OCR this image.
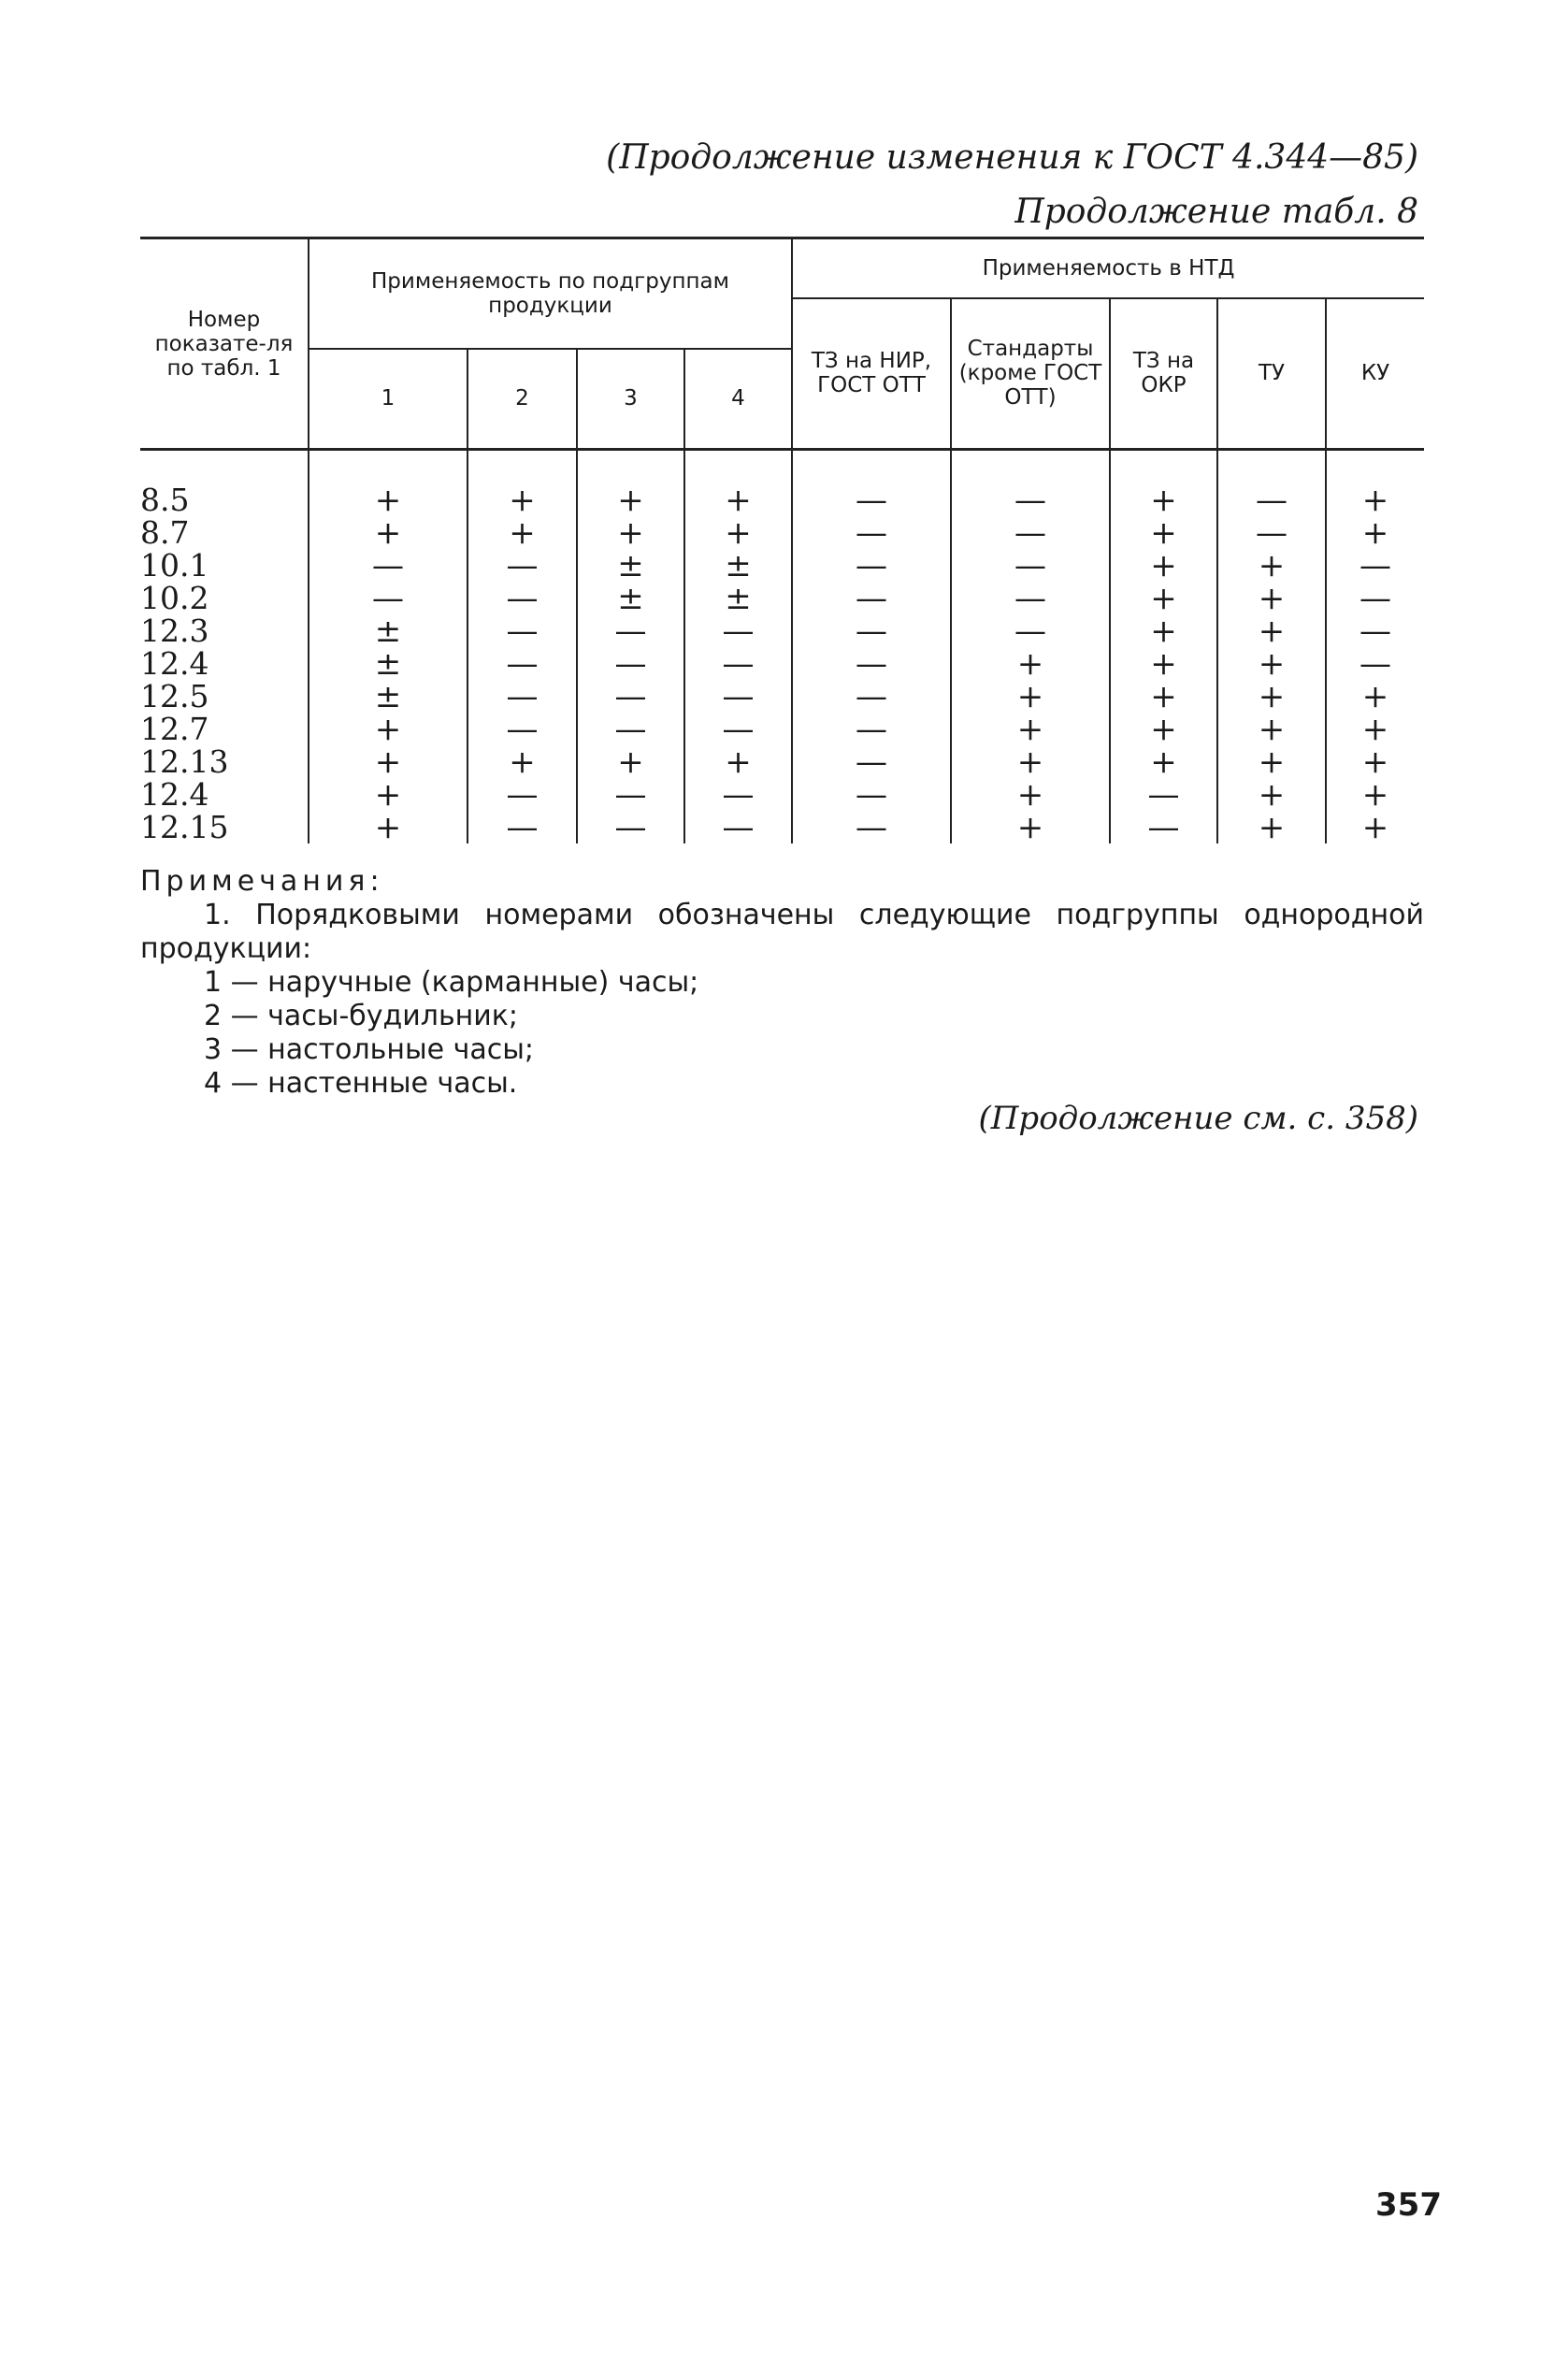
(Продолжение изменения к ГОСТ 4.344—85)
Продолжение табл. 8
Номер показате-ля по табл. 1	Применяемость по подгруппам продукции				Применяемость в НТД				
					ТЗ на НИР, ГОСТ ОТТ	Стандарты (кроме ГОСТ ОТТ)	ТЗ на ОКР	ТУ	КУ
	1	2	3	4					

8.5	+	+	+	+	—	—	+	—	+
8.7	+	+	+	+	—	—	+	—	+
10.1	—	—	±	±	—	—	+	+	—
10.2	—	—	±	±	—	—	+	+	—
12.3	±	—	—	—	—	—	+	+	—
12.4	±	—	—	—	—	+	+	+	—
12.5	±	—	—	—	—	+	+	+	+
12.7	+	—	—	—	—	+	+	+	+
12.13	+	+	+	+	—	+	+	+	+
12.4	+	—	—	—	—	+	—	+	+
12.15	+	—	—	—	—	+	—	+	+
Примечания:
1. Порядковыми номерами обозначены следующие подгруппы однородной продукции:
1 — наручные (карманные) часы;
2 — часы-будильник;
3 — настольные часы;
4 — настенные часы.
(Продолжение см. с. 358)
357
